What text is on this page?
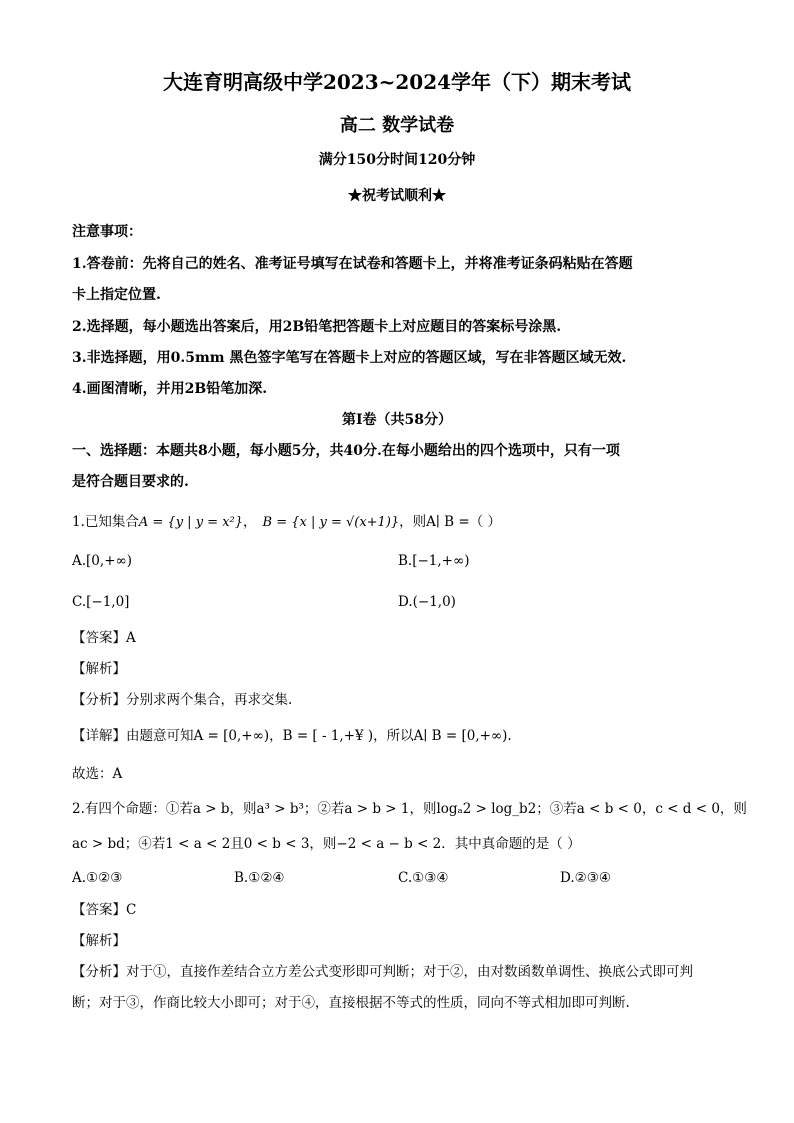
大连育明高级中学2023~2024学年（下）期末考试
高二 数学试卷
满分150分时间120分钟
★祝考试顺利★
注意事项：
1.答卷前：先将自己的姓名、准考证号填写在试卷和答题卡上，并将准考证条码粘贴在答题
卡上指定位置.
2.选择题，每小题选出答案后，用2B铅笔把答题卡上对应题目的答案标号涂黑.
3.非选择题，用0.5mm 黑色签字笔写在答题卡上对应的答题区域，写在非答题区域无效.
4.画图清晰，并用2B铅笔加深.
第Ⅰ卷（共58分）
一、选择题：本题共8小题，每小题5分，共40分.在每小题给出的四个选项中，只有一项
是符合题目要求的.
1.已知集合A = {y | y = x²}， B = {x | y = √(x+1)}，则A∣ B =（ ）
A.[0,+∞)	B.[−1,+∞)
C.[−1,0]	D.(−1,0)
【答案】A
【解析】
【分析】分别求两个集合，再求交集.
【详解】由题意可知A = [0,+∞)，B = [ - 1,+¥ )，所以A∣ B = [0,+∞).
故选：A
2.有四个命题：①若a > b，则a³ > b³；②若a > b > 1，则logₐ2 > log_b2；③若a < b < 0，c < d < 0，则
ac > bd；④若1 < a < 2且0 < b < 3，则−2 < a − b < 2．其中真命题的是（ ）
A.①②③	B.①②④	C.①③④	D.②③④
【答案】C
【解析】
【分析】对于①，直接作差结合立方差公式变形即可判断；对于②，由对数函数单调性、换底公式即可判
断；对于③，作商比较大小即可；对于④，直接根据不等式的性质，同向不等式相加即可判断.
